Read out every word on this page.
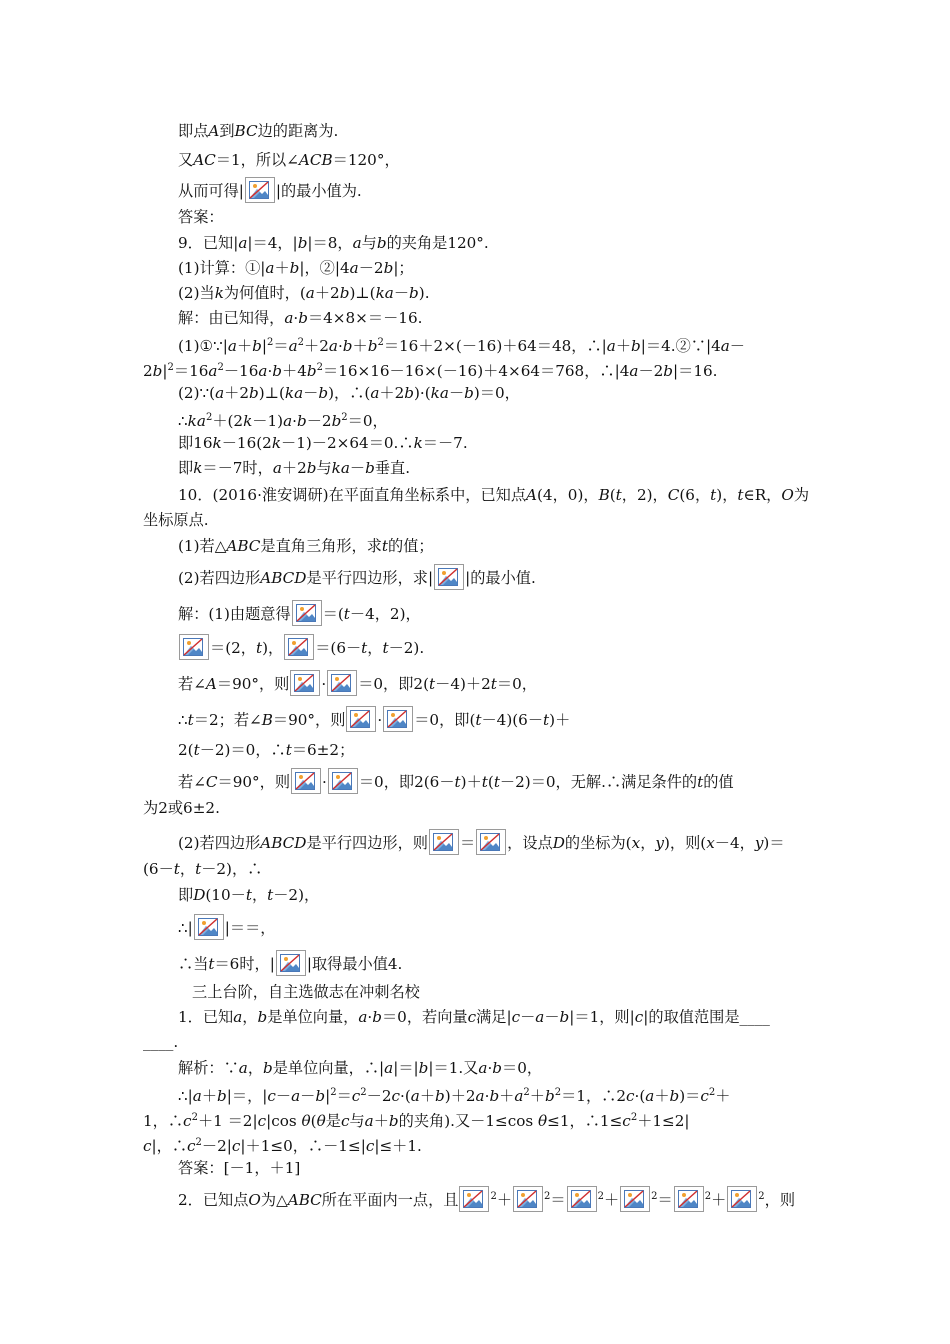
即点A到BC边的距离为.
又AC＝1，所以∠ACB＝120°，
从而可得| |的最小值为.
答案：
9．已知|a|＝4，|b|＝8，a与b的夹角是120°.
(1)计算：①|a＋b|，②|4a－2b|；
(2)当k为何值时，(a＋2b)⊥(ka－b).
解：由已知得，a·b＝4×8×＝－16.
$(1)①\because|a+b|^2=a^2+2a\cdot b+b^2=16+2\times(-16)+64=48$，∴|a＋b|＝4.②∵|4a－
$2b|^2=16a^2-16a\cdot b+4b^2=16\times 16-16\times(-16)+4\times 64=768$，∴|4a－2b|＝16.
(2)∵(a＋2b)⊥(ka－b)，∴(a＋2b)·(ka－b)＝0，
$\therefore ka^2+(2k-1)a\cdot b-2b^2=0$，
即16k－16(2k－1)－2×64＝0.∴k＝－7.
即k＝－7时，a＋2b与ka－b垂直.
10．(2016·淮安调研)在平面直角坐标系中，已知点A(4，0)，B(t，2)，C(6，t)，t∈R，O为
坐标原点.
(1)若△ABC是直角三角形，求t的值；
(2)若四边形ABCD是平行四边形，求| |的最小值.
解：(1)由题意得 ＝(t－4，2)，
＝(2，t)， ＝(6－t，t－2).
若∠A＝90°，则 · ＝0，即2(t－4)＋2t＝0，
∴t＝2；若∠B＝90°，则 · ＝0，即(t－4)(6－t)＋
2(t－2)＝0，∴t＝6±2；
若∠C＝90°，则 · ＝0，即2(6－t)＋t(t－2)＝0，无解.∴满足条件的t的值
为2或6±2.
(2)若四边形ABCD是平行四边形，则 ＝ ，设点D的坐标为(x，y)，则(x－4，y)＝
(6－t，t－2)，∴
即D(10－t，t－2)，
∴| |＝＝，
∴当t＝6时，| |取得最小值4.
三上台阶，自主选做志在冲刺名校
1．已知a，b是单位向量，a·b＝0，若向量c满足|c－a－b|＝1，则|c|的取值范围是____
____.
解析：∵a，b是单位向量，∴|a|＝|b|＝1.又a·b＝0，
∴|a＋b|＝，$|c-a-b|^2=c^2-2c\cdot(a+b)+2a\cdot b+a^2+b^2=1$，$\therefore 2c\cdot(a+b)=c^2+$
1，$\therefore c^2+1 =2|c|\cos$ θ(θ是c与a＋b的夹角).又－1≤cos θ≤1，$\therefore 1\le c^2+1\le 2|$
c|，$\therefore c^2-2|c|+1\le 0$，∴－1≤|c|≤＋1.
答案：[－1，＋1]
2．已知点O为△ABC所在平面内一点，且	$^2$＋	$^2$＝	$^2$＋	$^2$＝	$^2$＋	$^2$，则
